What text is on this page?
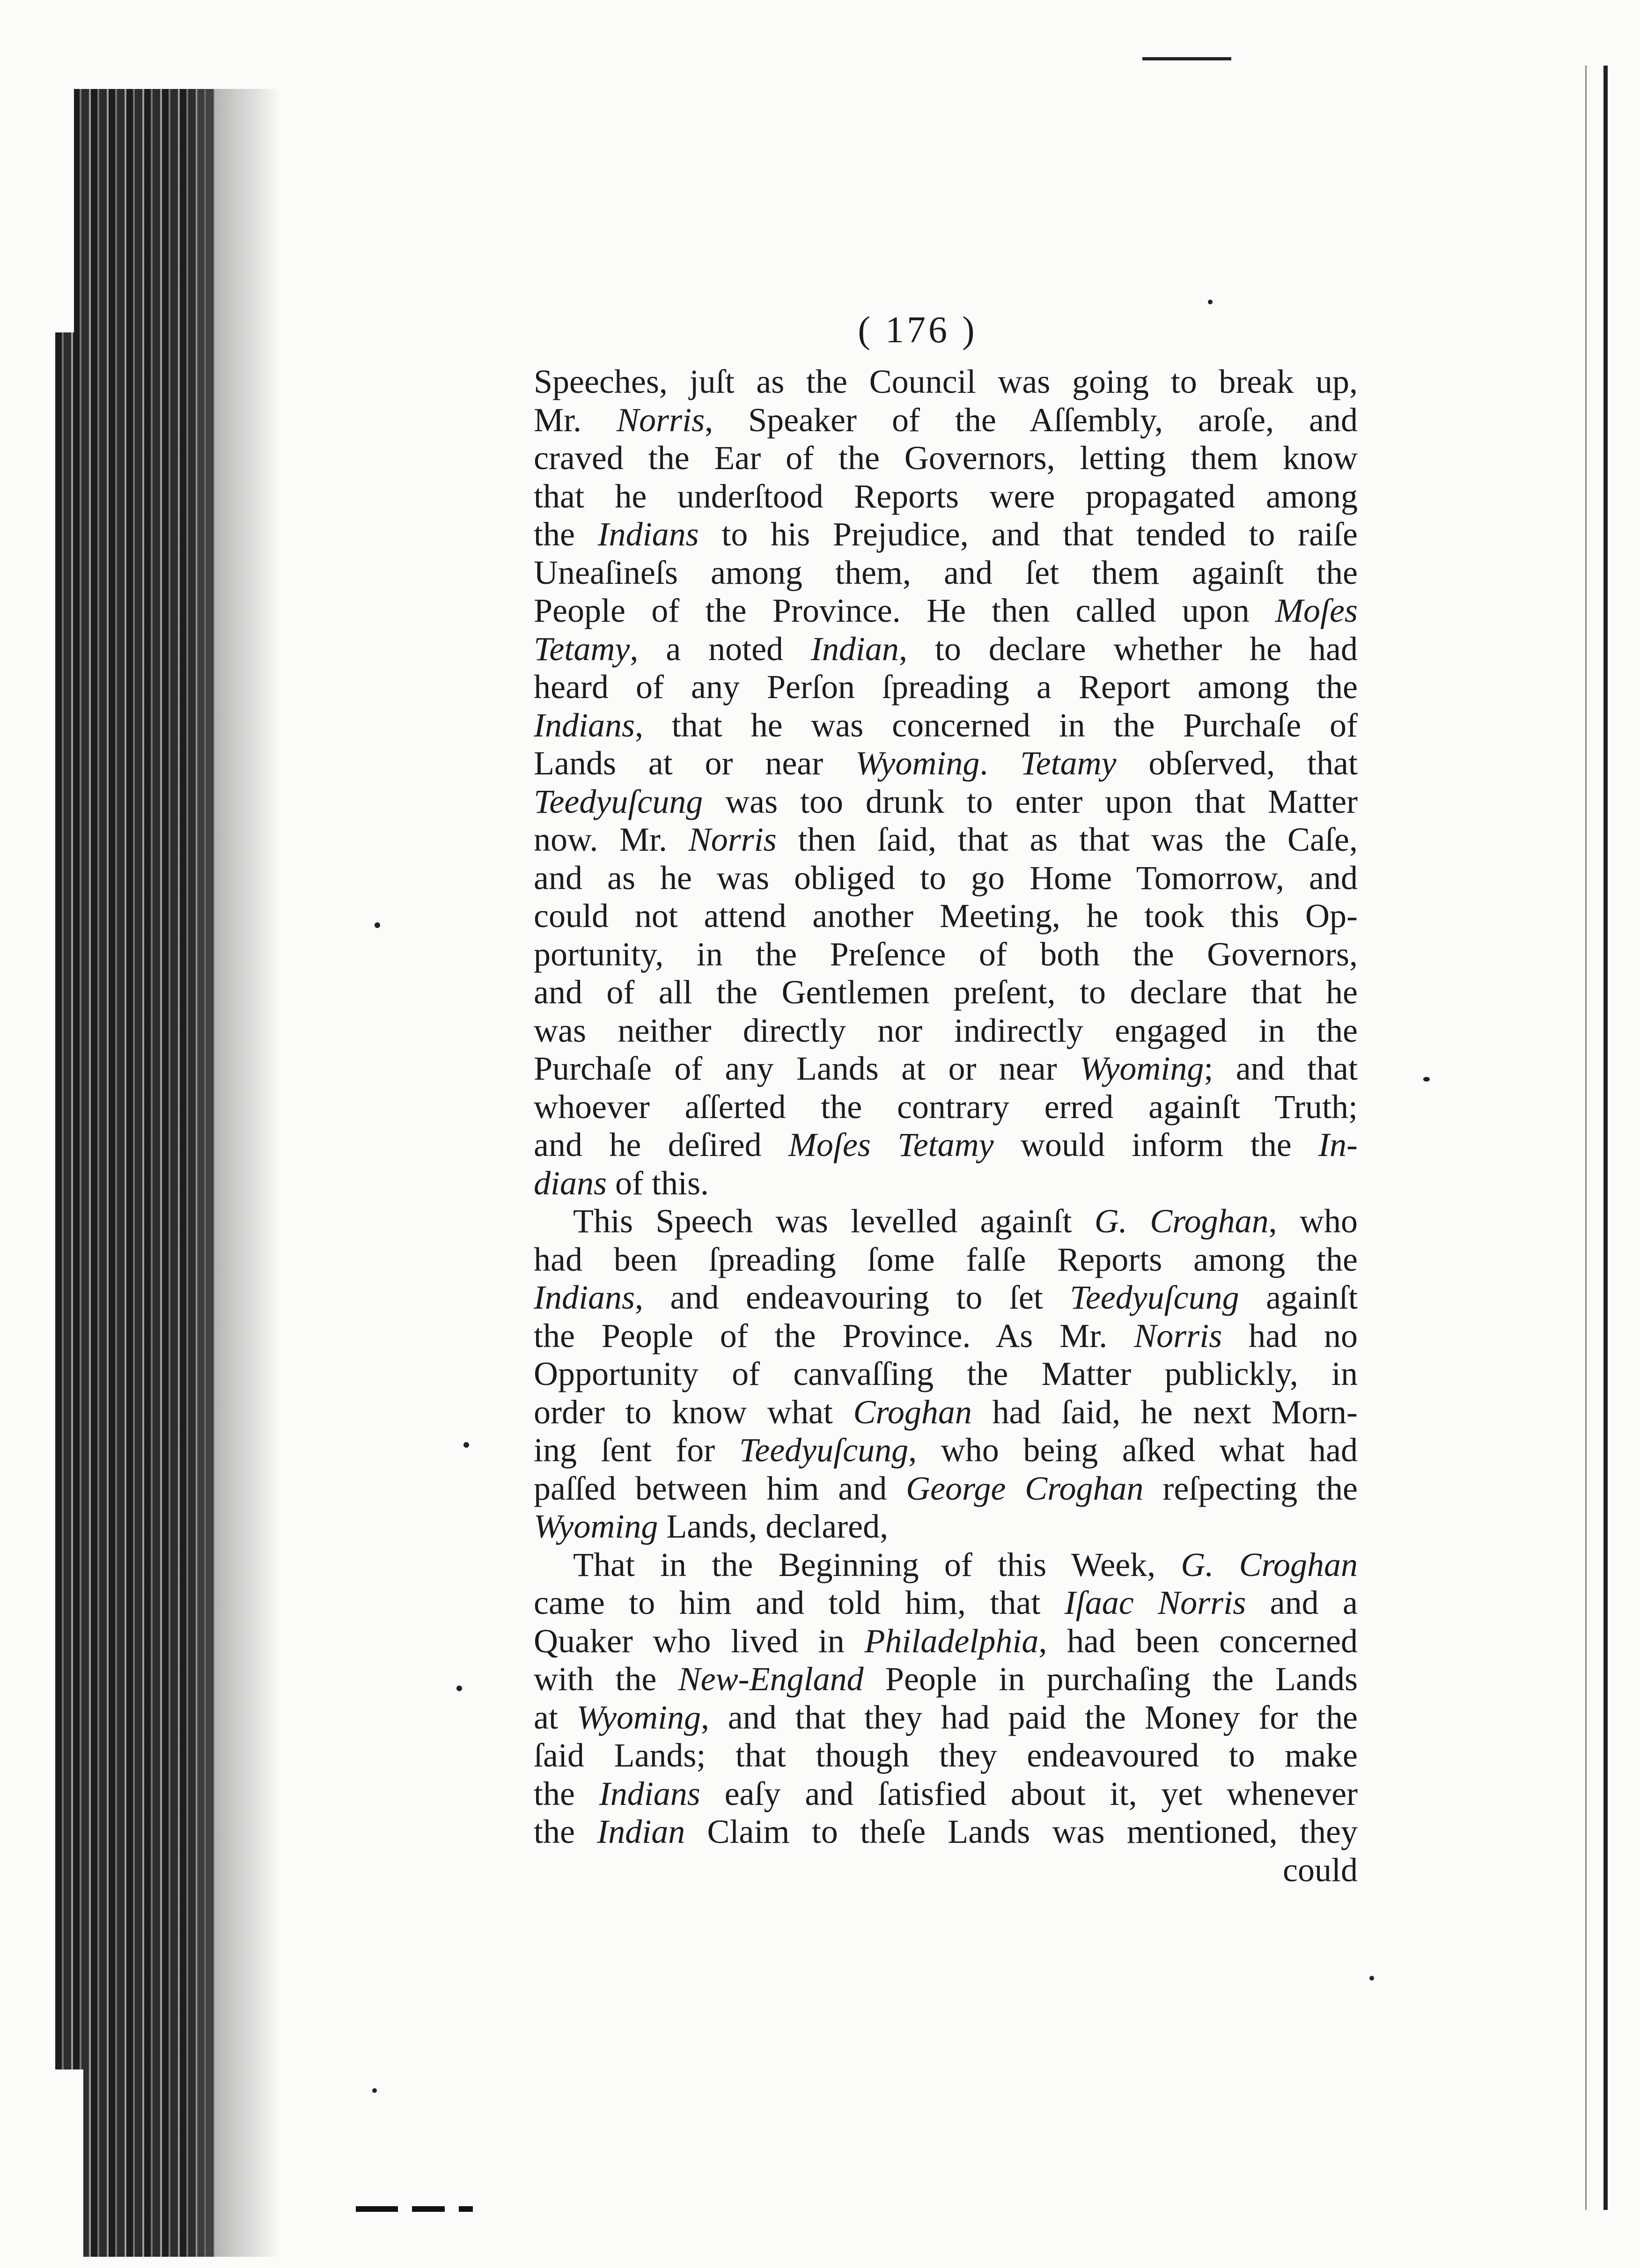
( 176 )
Speeches, juſt as the Council was going to break up,
Mr. Norris, Speaker of the Aſſembly, aroſe, and
craved the Ear of the Governors, letting them know
that he underſtood Reports were propagated among
the Indians to his Prejudice, and that tended to raiſe
Uneaſineſs among them, and ſet them againſt the
People of the Province. He then called upon Moſes
Tetamy, a noted Indian, to declare whether he had
heard of any Perſon ſpreading a Report among the
Indians, that he was concerned in the Purchaſe of
Lands at or near Wyoming. Tetamy obſerved, that
Teedyuſcung was too drunk to enter upon that Matter
now. Mr. Norris then ſaid, that as that was the Caſe,
and as he was obliged to go Home Tomorrow, and
could not attend another Meeting, he took this Op-
portunity, in the Preſence of both the Governors,
and of all the Gentlemen preſent, to declare that he
was neither directly nor indirectly engaged in the
Purchaſe of any Lands at or near Wyoming; and that
whoever aſſerted the contrary erred againſt Truth;
and he deſired Moſes Tetamy would inform the In-
dians of this.
This Speech was levelled againſt G. Croghan, who
had been ſpreading ſome falſe Reports among the
Indians, and endeavouring to ſet Teedyuſcung againſt
the People of the Province. As Mr. Norris had no
Opportunity of canvaſſing the Matter publickly, in
order to know what Croghan had ſaid, he next Morn-
ing ſent for Teedyuſcung, who being aſked what had
paſſed between him and George Croghan reſpecting the
Wyoming Lands, declared,
That in the Beginning of this Week, G. Croghan
came to him and told him, that Iſaac Norris and a
Quaker who lived in Philadelphia, had been concerned
with the New-England People in purchaſing the Lands
at Wyoming, and that they had paid the Money for the
ſaid Lands; that though they endeavoured to make
the Indians eaſy and ſatisfied about it, yet whenever
the Indian Claim to theſe Lands was mentioned, they
could
